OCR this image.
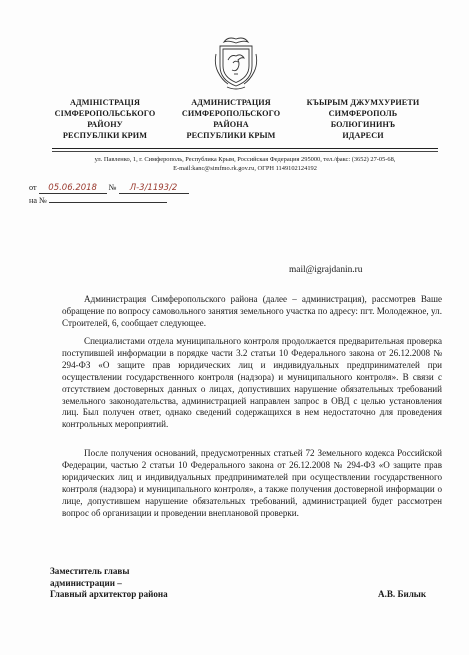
АДМІНІСТРАЦІЯ
СІМФЕРОПОЛЬСЬКОГО
РАЙОНУ
РЕСПУБЛІКИ КРИМ
АДМИНИСТРАЦИЯ
СИМФЕРОПОЛЬСКОГО
РАЙОНА
РЕСПУБЛИКИ КРЫМ
КЪЫРЫМ ДЖУМХУРИЕТИ
СИМФЕРОПОЛЬ
БОЛЮГИНИНЪ
ИДАРЕСИ
ул. Павленко, 1, г. Симферополь, Республика Крым, Российская Федерация 295000, тел./факс: (3652) 27-05-68,
E-mail:kanc@simfmo.rk.gov.ru, ОГРН 1149102124192
от 05.06.2018 № Л-3/1193/2
на №
mail@igrajdanin.ru

Администрация Симферопольского района (далее – администрация), рассмотрев Ваше обращение по вопросу самовольного занятия земельного участка по адресу: пгт. Молодежное, ул. Строителей, 6, сообщает следующее.

Специалистами отдела муниципального контроля продолжается предварительная проверка поступившей информации в порядке части 3.2 статьи 10 Федерального закона от 26.12.2008 № 294-ФЗ «О защите прав юридических лиц и индивидуальных предпринимателей при осуществлении государственного контроля (надзора) и муниципального контроля». В связи с отсутствием достоверных данных о лицах, допустивших нарушение обязательных требований земельного законодательства, администрацией направлен запрос в ОВД с целью установления лиц. Был получен ответ, однако сведений содержащихся в нем недостаточно для проведения контрольных мероприятий.

После получения оснований, предусмотренных статьей 72 Земельного кодекса Российской Федерации, частью 2 статьи 10 Федерального закона от 26.12.2008 № 294-ФЗ «О защите прав юридических лиц и индивидуальных предпринимателей при осуществлении государственного контроля (надзора) и муниципального контроля», а также получения достоверной информации о лице, допустившем нарушение обязательных требований, администрацией будет рассмотрен вопрос об организации и проведении внеплановой проверки.

Заместитель главы
администрации –
Главный архитектор района	А.В. Билык
